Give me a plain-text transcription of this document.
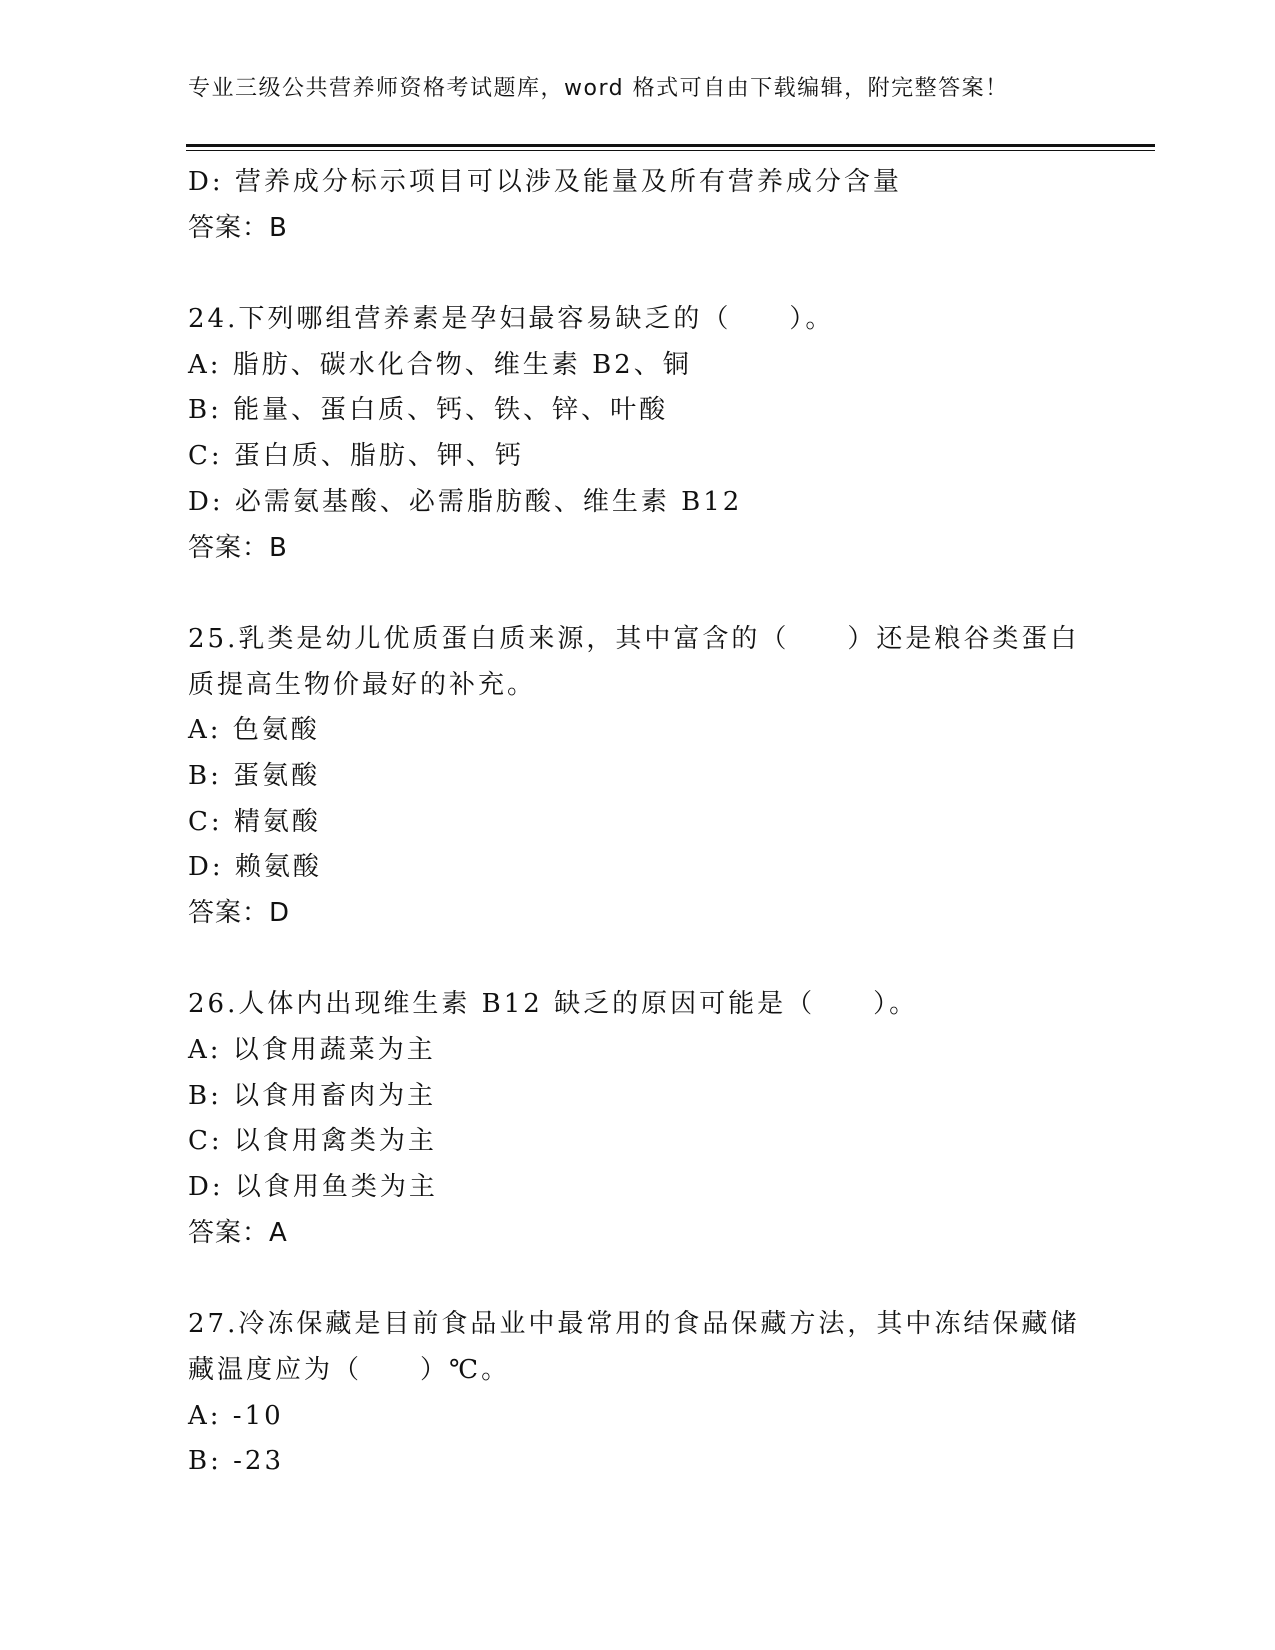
专业三级公共营养师资格考试题库，word 格式可自由下载编辑，附完整答案！
D: 营养成分标示项目可以涉及能量及所有营养成分含量
答案：B
24.下列哪组营养素是孕妇最容易缺乏的（　　）。
A: 脂肪、碳水化合物、维生素 B2、铜
B: 能量、蛋白质、钙、铁、锌、叶酸
C: 蛋白质、脂肪、钾、钙
D: 必需氨基酸、必需脂肪酸、维生素 B12
答案：B
25.乳类是幼儿优质蛋白质来源，其中富含的（　　）还是粮谷类蛋白
质提高生物价最好的补充。
A: 色氨酸
B: 蛋氨酸
C: 精氨酸
D: 赖氨酸
答案：D
26.人体内出现维生素 B12 缺乏的原因可能是（　　）。
A: 以食用蔬菜为主
B: 以食用畜肉为主
C: 以食用禽类为主
D: 以食用鱼类为主
答案：A
27.冷冻保藏是目前食品业中最常用的食品保藏方法，其中冻结保藏储
藏温度应为（　　）℃。
A: -10
B: -23
